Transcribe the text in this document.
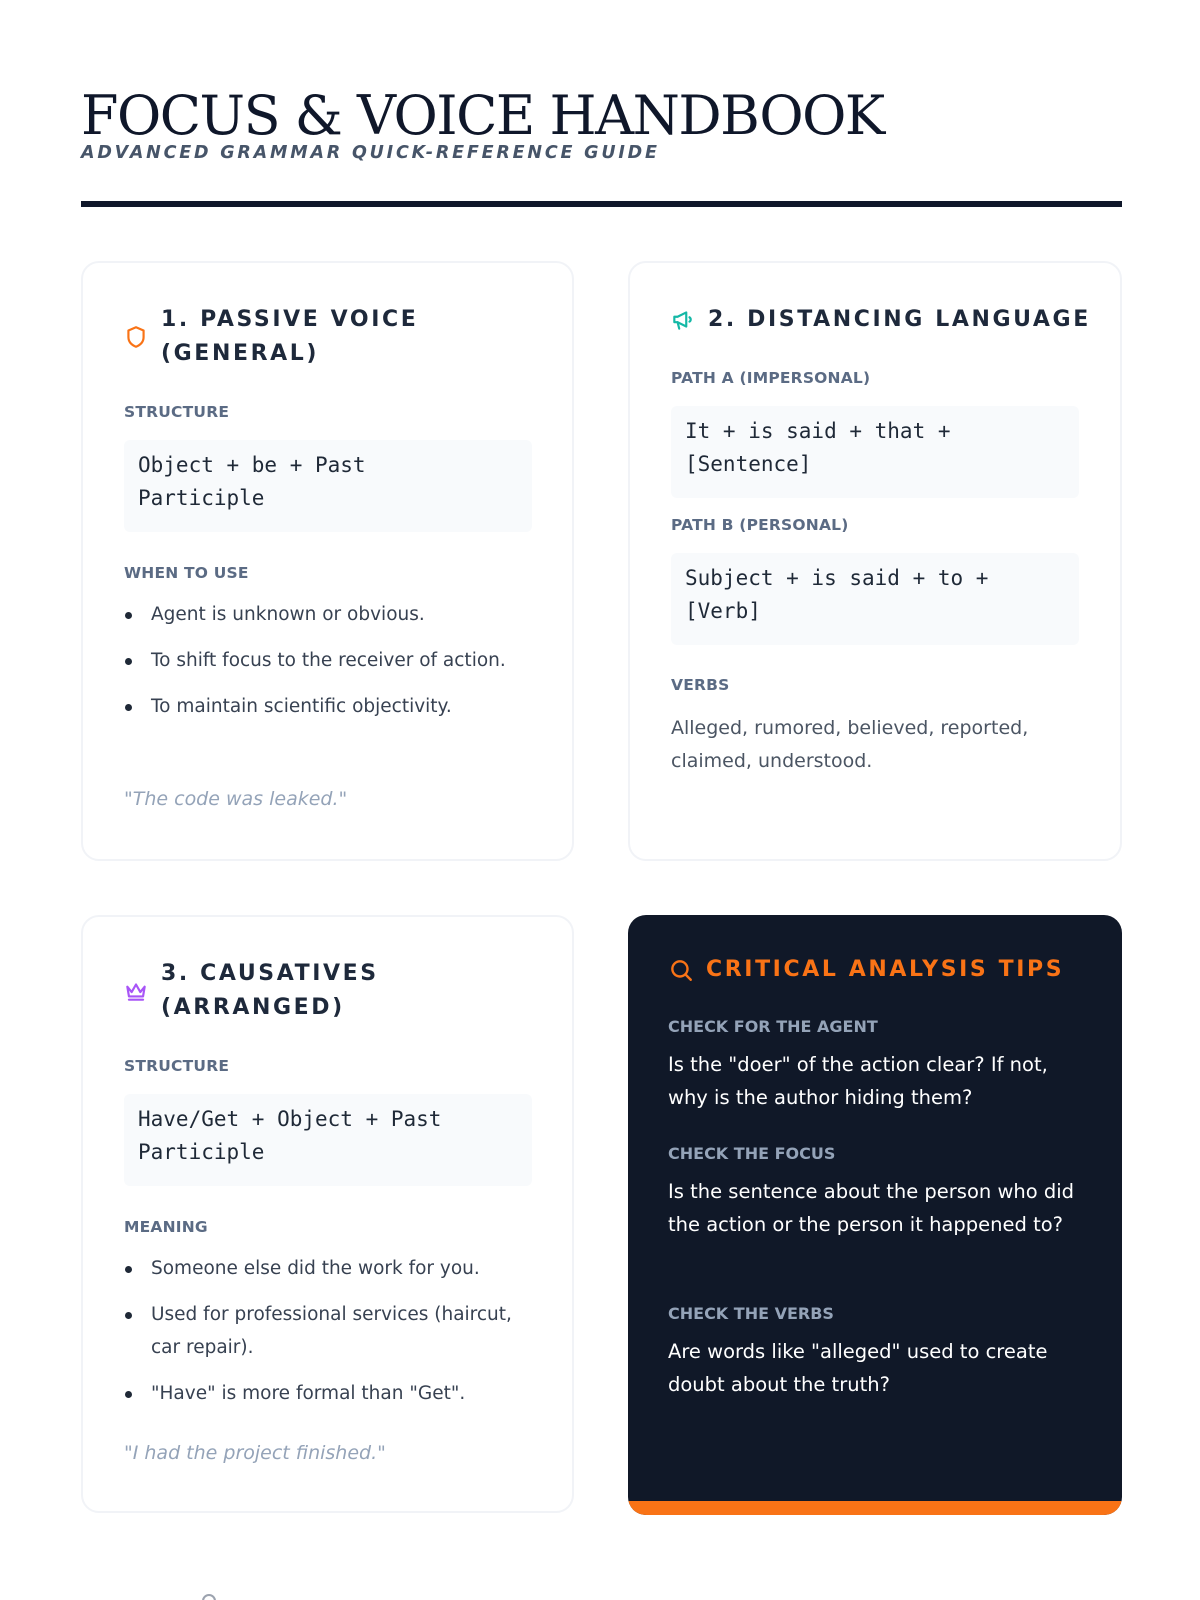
FOCUS & VOICE HANDBOOK
ADVANCED GRAMMAR QUICK-REFERENCE GUIDE
1. PASSIVE VOICE
(GENERAL)
STRUCTURE
Object + be + Past
Participle
WHEN TO USE
Agent is unknown or obvious.
To shift focus to the receiver of action.
To maintain scientific objectivity.
"The code was leaked."
2. DISTANCING LANGUAGE
PATH A (IMPERSONAL)
It + is said + that +
[Sentence]
PATH B (PERSONAL)
Subject + is said + to +
[Verb]
VERBS
Alleged, rumored, believed, reported, claimed, understood.
3. CAUSATIVES
(ARRANGED)
STRUCTURE
Have/Get + Object + Past
Participle
MEANING
Someone else did the work for you.
Used for professional services (haircut, car repair).
"Have" is more formal than "Get".
"I had the project finished."
CRITICAL ANALYSIS TIPS
CHECK FOR THE AGENT
Is the "doer" of the action clear? If not, why is the author hiding them?
CHECK THE FOCUS
Is the sentence about the person who did the action or the person it happened to?
CHECK THE VERBS
Are words like "alleged" used to create doubt about the truth?
